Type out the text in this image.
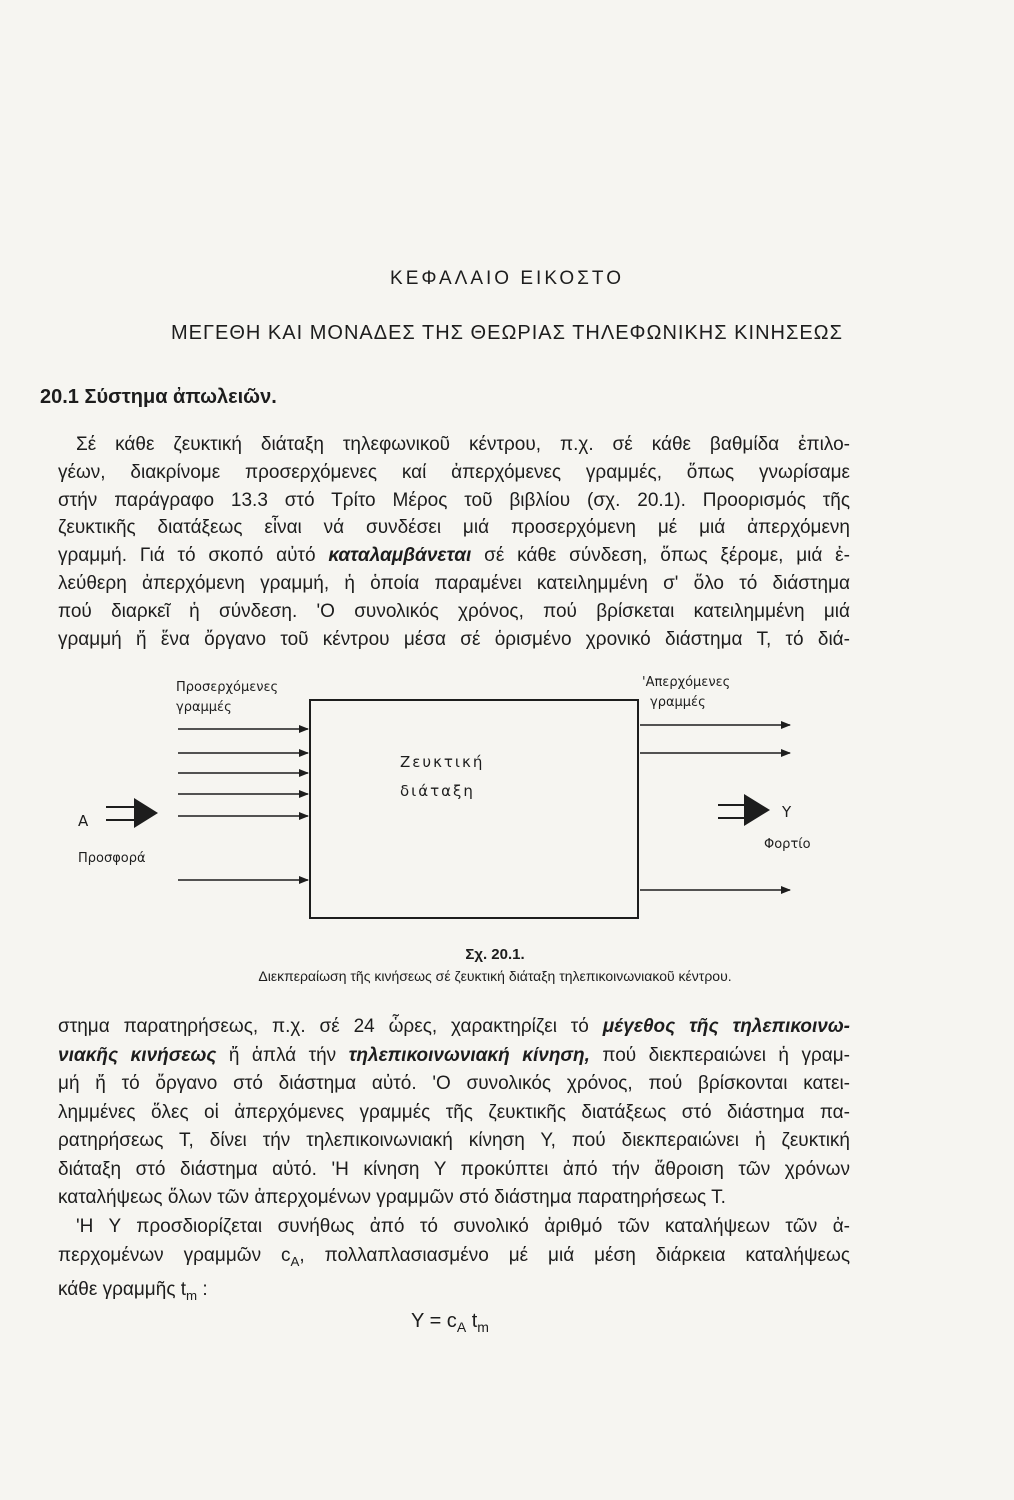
ΚΕΦΑΛΑΙΟ ΕΙΚΟΣΤΟ
ΜΕΓΕΘΗ ΚΑΙ ΜΟΝΑΔΕΣ ΤΗΣ ΘΕΩΡΙΑΣ ΤΗΛΕΦΩΝΙΚΗΣ ΚΙΝΗΣΕΩΣ
20.1 Σύστημα ἀπωλειῶν.
Σέ κάθε ζευκτική διάταξη τηλεφωνικοῦ κέντρου, π.χ. σέ κάθε βαθμίδα ἐπιλο-
γέων, διακρίνομε προσερχόμενες καί ἀπερχόμενες γραμμές, ὅπως γνωρίσαμε
στήν παράγραφο 13.3 στό Τρίτο Μέρος τοῦ βιβλίου (σχ. 20.1). Προορισμός τῆς
ζευκτικῆς διατάξεως εἶναι νά συνδέσει μιά προσερχόμενη μέ μιά ἀπερχόμενη
γραμμή. Γιά τό σκοπό αὐτό καταλαμβάνεται σέ κάθε σύνδεση, ὅπως ξέρομε, μιά ἐ-
λεύθερη ἀπερχόμενη γραμμή, ἡ ὁποία παραμένει κατειλημμένη σ' ὅλο τό διάστημα
πού διαρκεῖ ἡ σύνδεση. 'Ο συνολικός χρόνος, πού βρίσκεται κατειλημμένη μιά
γραμμή ἤ ἕνα ὄργανο τοῦ κέντρου μέσα σέ ὁρισμένο χρονικό διάστημα Τ, τό διά-
Προσερχόμενες
γραμμές
'Απερχόμενες
γραμμές
Ζευκτική
διάταξη
A
Προσφορά
Y
Φορτίο
Σχ. 20.1.
Διεκπεραίωση τῆς κινήσεως σέ ζευκτική διάταξη τηλεπικοινωνιακοῦ κέντρου.
στημα παρατηρήσεως, π.χ. σέ 24 ὧρες, χαρακτηρίζει τό μέγεθος τῆς τηλεπικοινω-
νιακῆς κινήσεως ἤ ἁπλά τήν τηλεπικοινωνιακή κίνηση, πού διεκπεραιώνει ἡ γραμ-
μή ἤ τό ὄργανο στό διάστημα αὐτό. 'Ο συνολικός χρόνος, πού βρίσκονται κατει-
λημμένες ὅλες οἱ ἀπερχόμενες γραμμές τῆς ζευκτικῆς διατάξεως στό διάστημα πα-
ρατηρήσεως Τ, δίνει τήν τηλεπικοινωνιακή κίνηση Υ, πού διεκπεραιώνει ἡ ζευκτική
διάταξη στό διάστημα αὐτό. 'Η κίνηση Υ προκύπτει ἀπό τήν ἄθροιση τῶν χρόνων
καταλήψεως ὅλων τῶν ἀπερχομένων γραμμῶν στό διάστημα παρατηρήσεως Τ.
'Η Υ προσδιορίζεται συνήθως ἀπό τό συνολικό ἀριθμό τῶν καταλήψεων τῶν ἀ-
περχομένων γραμμῶν $c_A$, πολλαπλασιασμένο μέ μιά μέση διάρκεια καταλήψεως
κάθε γραμμῆς $t_m$ :
$Y = c_A$ $t_m$
